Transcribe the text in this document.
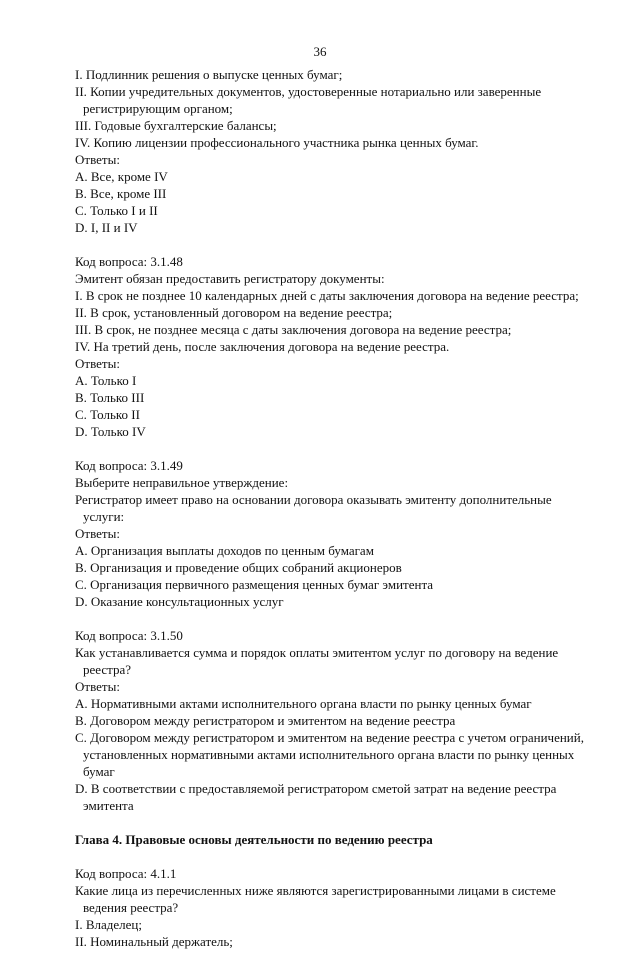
36
I. Подлинник решения о выпуске ценных бумаг;
II. Копии учредительных документов, удостоверенные нотариально или заверенные
регистрирующим органом;
III. Годовые бухгалтерские балансы;
IV. Копию лицензии профессионального участника рынка ценных бумаг.
Ответы:
A. Все, кроме IV
B. Все, кроме III
C. Только I и II
D. I, II и IV
Код вопроса: 3.1.48
Эмитент обязан предоставить регистратору документы:
I. В срок не позднее 10 календарных дней с даты заключения договора на ведение реестра;
II. В срок, установленный договором на ведение реестра;
III. В срок, не позднее месяца с даты заключения договора на ведение реестра;
IV. На третий день, после заключения договора на ведение реестра.
Ответы:
A. Только I
B. Только III
C. Только II
D. Только IV
Код вопроса: 3.1.49
Выберите неправильное утверждение:
Регистратор имеет право на основании договора оказывать эмитенту дополнительные
услуги:
Ответы:
A. Организация выплаты доходов по ценным бумагам
B. Организация и проведение общих собраний акционеров
C. Организация первичного размещения ценных бумаг эмитента
D. Оказание консультационных услуг
Код вопроса: 3.1.50
Как устанавливается сумма и порядок оплаты эмитентом услуг по договору на ведение
реестра?
Ответы:
A. Нормативными актами исполнительного органа власти по рынку ценных бумаг
B. Договором между регистратором и эмитентом на ведение реестра
C. Договором между регистратором и эмитентом на ведение реестра с учетом ограничений,
установленных нормативными актами исполнительного органа власти по рынку ценных
бумаг
D. В соответствии с предоставляемой регистратором сметой затрат на ведение реестра
эмитента
Глава 4. Правовые основы деятельности по ведению реестра
Код вопроса: 4.1.1
Какие лица из перечисленных ниже являются зарегистрированными лицами в системе
ведения реестра?
I. Владелец;
II. Номинальный держатель;
